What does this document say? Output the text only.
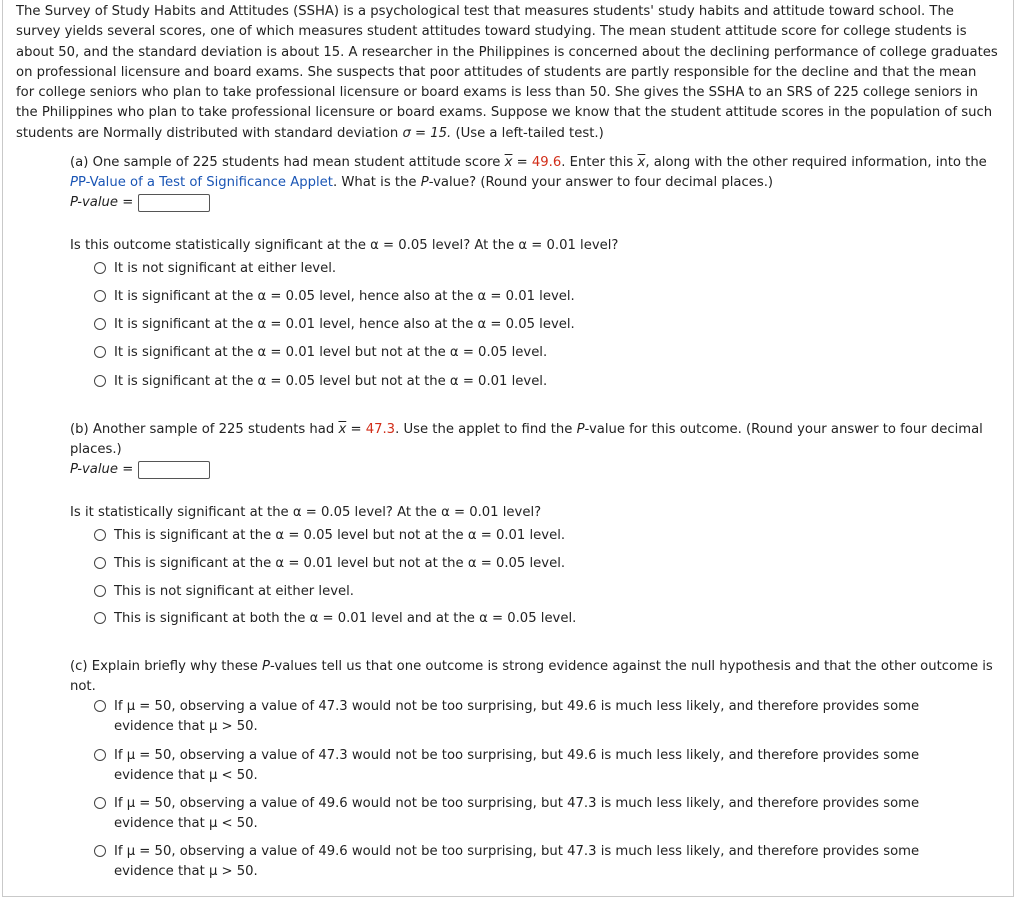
The Survey of Study Habits and Attitudes (SSHA) is a psychological test that measures students' study habits and attitude toward school. The survey yields several scores, one of which measures student attitudes toward studying. The mean student attitude score for college students is about 50, and the standard deviation is about 15. A researcher in the Philippines is concerned about the declining performance of college graduates on professional licensure and board exams. She suspects that poor attitudes of students are partly responsible for the decline and that the mean for college seniors who plan to take professional licensure or board exams is less than 50. She gives the SSHA to an SRS of 225 college seniors in the Philippines who plan to take professional licensure or board exams. Suppose we know that the student attitude scores in the population of such students are Normally distributed with standard deviation σ = 15. (Use a left-tailed test.)

(a) One sample of 225 students had mean student attitude score $\overline{x} = 49.6$. Enter this $\overline{x}$, along with the other required information, into the PP-Value of a Test of Significance Applet. What is the P-value? (Round your answer to four decimal places.)
P-value =
Is this outcome statistically significant at the α = 0.05 level? At the α = 0.01 level?
It is not significant at either level.
It is significant at the α = 0.05 level, hence also at the α = 0.01 level.
It is significant at the α = 0.01 level, hence also at the α = 0.05 level.
It is significant at the α = 0.01 level but not at the α = 0.05 level.
It is significant at the α = 0.05 level but not at the α = 0.01 level.
(b) Another sample of 225 students had $\overline{x} = 47.3$. Use the applet to find the P-value for this outcome. (Round your answer to four decimal places.)
P-value =
Is it statistically significant at the α = 0.05 level? At the α = 0.01 level?
This is significant at the α = 0.05 level but not at the α = 0.01 level.
This is significant at the α = 0.01 level but not at the α = 0.05 level.
This is not significant at either level.
This is significant at both the α = 0.01 level and at the α = 0.05 level.
(c) Explain briefly why these P-values tell us that one outcome is strong evidence against the null hypothesis and that the other outcome is not.
If μ = 50, observing a value of 47.3 would not be too surprising, but 49.6 is much less likely, and therefore provides some evidence that μ > 50.
If μ = 50, observing a value of 47.3 would not be too surprising, but 49.6 is much less likely, and therefore provides some evidence that μ < 50.
If μ = 50, observing a value of 49.6 would not be too surprising, but 47.3 is much less likely, and therefore provides some evidence that μ < 50.
If μ = 50, observing a value of 49.6 would not be too surprising, but 47.3 is much less likely, and therefore provides some evidence that μ > 50.
